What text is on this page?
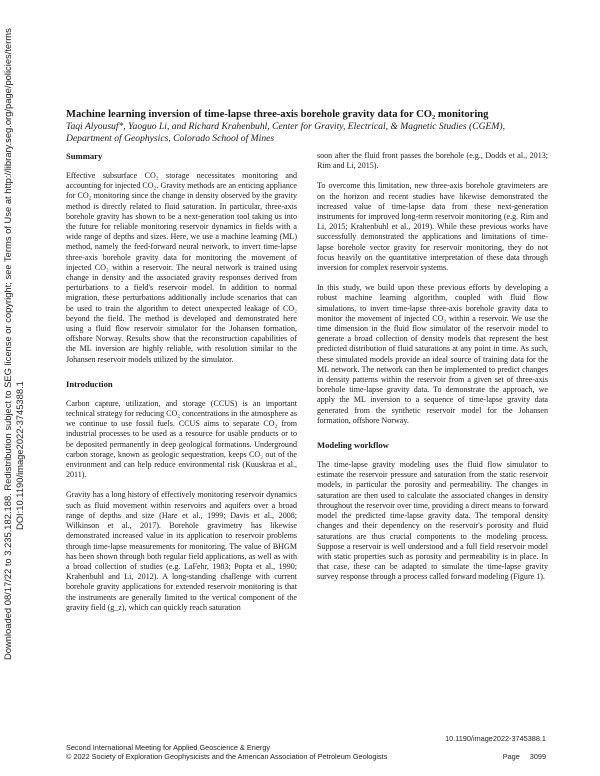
Downloaded 08/17/22 to 3.235.182.188. Redistribution subject to SEG license or copyright; see Terms of Use at http://library.seg.org/page/policies/terms DOI:10.1190/image2022-3745388.1

Machine learning inversion of time-lapse three-axis borehole gravity data for CO₂ monitoring

Taqi Alyousuf*, Yaoguo Li, and Richard Krahenbuhl, Center for Gravity, Electrical, & Magnetic Studies (CGEM), Department of Geophysics, Colorado School of Mines

Summary

Effective subsurface CO₂ storage necessitates monitoring and accounting for injected CO₂. Gravity methods are an enticing appliance for CO₂ monitoring since the change in density observed by the gravity method is directly related to fluid saturation. In particular, three-axis borehole gravity has shown to be a next-generation tool taking us into the future for reliable monitoring reservoir dynamics in fields with a wide range of depths and sizes. Here, we use a machine learning (ML) method, namely the feed-forward neural network, to invert time-lapse three-axis borehole gravity data for monitoring the movement of injected CO₂ within a reservoir. The neural network is trained using change in density and the associated gravity responses derived from perturbations to a field's reservoir model. In addition to normal migration, these perturbations additionally include scenarios that can be used to train the algorithm to detect unexpected leakage of CO₂ beyond the field. The method is developed and demonstrated here using a fluid flow reservoir simulator for the Johansen formation, offshore Norway. Results show that the reconstruction capabilities of the ML inversion are highly reliable, with resolution similar to the Johansen reservoir models utilized by the simulator.

Introduction

Carbon capture, utilization, and storage (CCUS) is an important technical strategy for reducing CO₂ concentrations in the atmosphere as we continue to use fossil fuels. CCUS aims to separate CO₂ from industrial processes to be used as a resource for usable products or to be deposited permanently in deep geological formations. Underground carbon storage, known as geologic sequestration, keeps CO₂ out of the environment and can help reduce environmental risk (Kuuskraa et al., 2011).

Gravity has a long history of effectively monitoring reservoir dynamics such as fluid movement within reservoirs and aquifers over a broad range of depths and size (Hare et al., 1999; Davis et al., 2008; Wilkinson et al., 2017). Borehole gravimetry has likewise demonstrated increased value in its application to reservoir problems through time-lapse measurements for monitoring. The value of BHGM has been shown through both regular field applications, as well as with a broad collection of studies (e.g. LaFehr, 1983; Popta et al., 1990; Krahenbuhl and Li, 2012). A long-standing challenge with current borehole gravity applications for extended reservoir monitoring is that the instruments are generally limited to the vertical component of the gravity field (g_z), which can quickly reach saturation

soon after the fluid front passes the borehole (e.g., Dodds et al., 2013; Rim and Li, 2015).

To overcome this limitation, new three-axis borehole gravimeters are on the horizon and recent studies have likewise demonstrated the increased value of time-lapse data from these next-generation instruments for improved long-term reservoir monitoring (e.g. Rim and Li, 2015; Krahenbuhl et al., 2019). While these previous works have successfully demonstrated the applications and limitations of time-lapse borehole vector gravity for reservoir monitoring, they do not focus heavily on the quantitative interpretation of these data through inversion for complex reservoir systems.

In this study, we build upon these previous efforts by developing a robust machine learning algorithm, coupled with fluid flow simulations, to invert time-lapse three-axis borehole gravity data to monitor the movement of injected CO₂ within a reservoir. We use the time dimension in the fluid flow simulator of the reservoir model to generate a broad collection of density models that represent the best predicted distribution of fluid saturations at any point in time. As such, these simulated models provide an ideal source of training data for the ML network. The network can then be implemented to predict changes in density patterns within the reservoir from a given set of three-axis borehole time-lapse gravity data. To demonstrate the approach, we apply the ML inversion to a sequence of time-lapse gravity data generated from the synthetic reservoir model for the Johansen formation, offshore Norway.

Modeling workflow

The time-lapse gravity modeling uses the fluid flow simulator to estimate the reservoir pressure and saturation from the static reservoir models, in particular the porosity and permeability. The changes in saturation are then used to calculate the associated changes in density throughout the reservoir over time, providing a direct means to forward model the predicted time-lapse gravity data. The temporal density changes and their dependency on the reservoir's porosity and fluid saturations are thus crucial components to the modeling process. Suppose a reservoir is well understood and a full field reservoir model with static properties such as porosity and permeability is in place. In that case, these can be adapted to simulate the time-lapse gravity survey response through a process called forward modeling (Figure 1).

Second International Meeting for Applied Geoscience & Energy
© 2022 Society of Exploration Geophysicists and the American Association of Petroleum Geologists
10.1190/image2022-3745388.1
Page 3099
